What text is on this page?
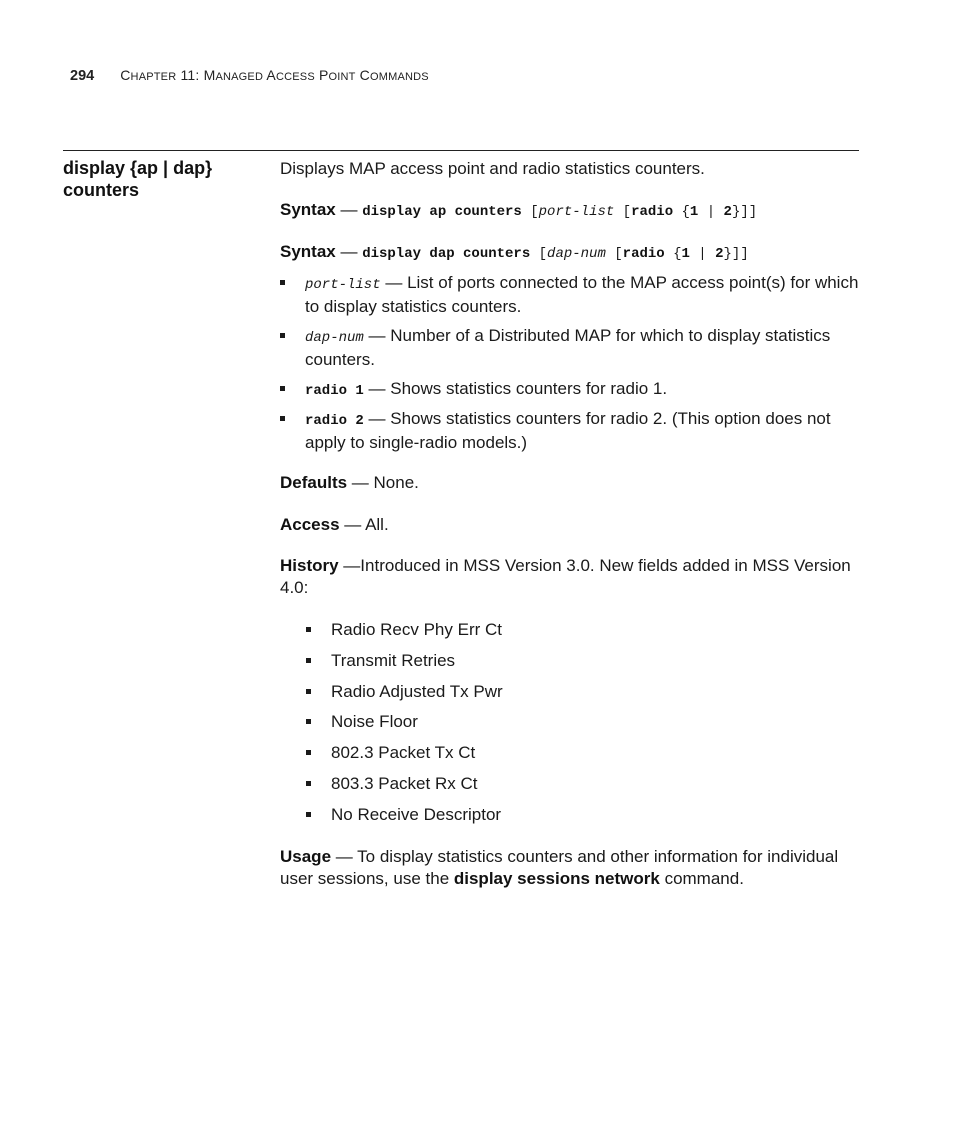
294 CHAPTER 11: MANAGED ACCESS POINT COMMANDS
display {ap | dap}
counters
Displays MAP access point and radio statistics counters.
Syntax — display ap counters [port-list [radio {1 | 2}]]
Syntax — display dap counters [dap-num [radio {1 | 2}]]
port-list — List of ports connected to the MAP access point(s) for which to display statistics counters.
dap-num — Number of a Distributed MAP for which to display statistics counters.
radio 1 — Shows statistics counters for radio 1.
radio 2 — Shows statistics counters for radio 2. (This option does not apply to single-radio models.)
Defaults — None.
Access — All.
History —Introduced in MSS Version 3.0. New fields added in MSS Version 4.0:
Radio Recv Phy Err Ct
Transmit Retries
Radio Adjusted Tx Pwr
Noise Floor
802.3 Packet Tx Ct
803.3 Packet Rx Ct
No Receive Descriptor
Usage — To display statistics counters and other information for individual user sessions, use the display sessions network command.
